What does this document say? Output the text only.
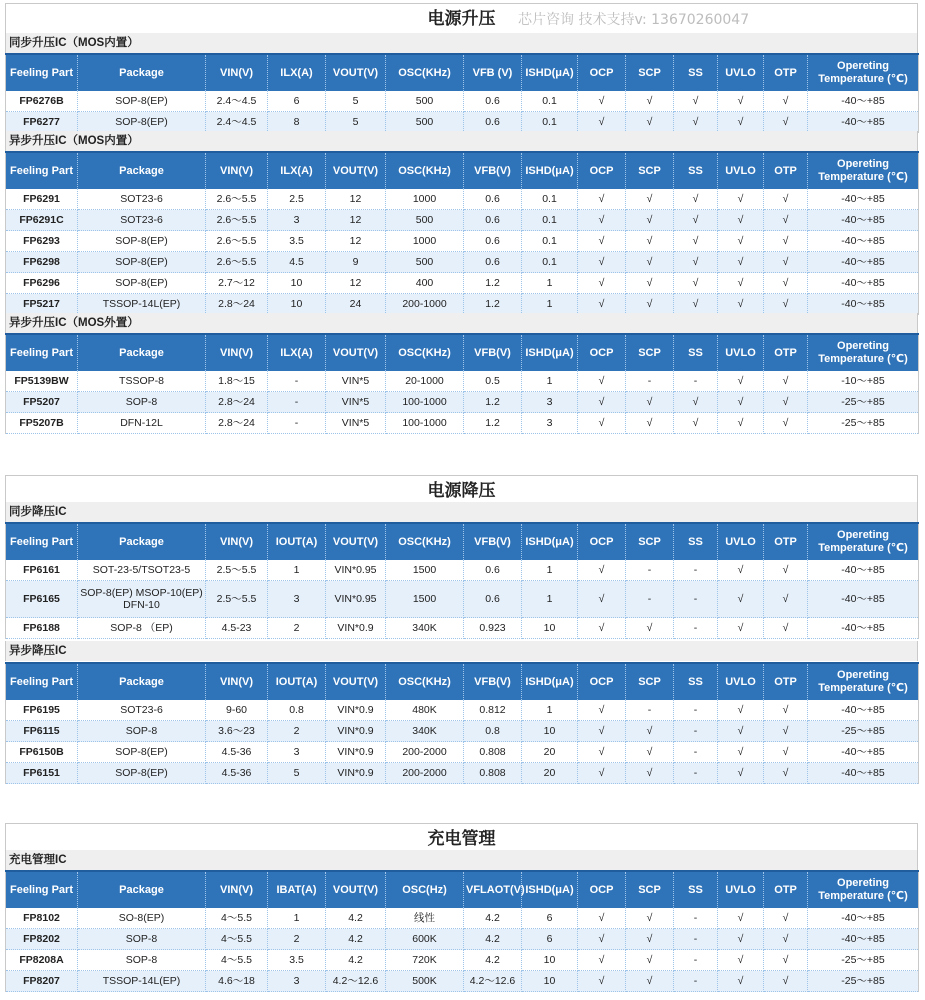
电源升压	芯片咨询 技术支持v: 13670260047
同步升压IC（MOS内置）
Feeling Part	Package	VIN(V)	ILX(A)	VOUT(V)	OSC(KHz)	VFB (V)	ISHD(μA)	OCP	SCP	SS	UVLO	OTP	Opereting Temperature (℃)
FP6276B	SOP-8(EP)	2.4～4.5	6	5	500	0.6	0.1	√	√	√	√	√	-40～+85
FP6277	SOP-8(EP)	2.4～4.5	8	5	500	0.6	0.1	√	√	√	√	√	-40～+85
异步升压IC（MOS内置）
Feeling Part	Package	VIN(V)	ILX(A)	VOUT(V)	OSC(KHz)	VFB(V)	ISHD(μA)	OCP	SCP	SS	UVLO	OTP	Opereting Temperature (℃)
FP6291	SOT23-6	2.6～5.5	2.5	12	1000	0.6	0.1	√	√	√	√	√	-40～+85
FP6291C	SOT23-6	2.6～5.5	3	12	500	0.6	0.1	√	√	√	√	√	-40～+85
FP6293	SOP-8(EP)	2.6～5.5	3.5	12	1000	0.6	0.1	√	√	√	√	√	-40～+85
FP6298	SOP-8(EP)	2.6～5.5	4.5	9	500	0.6	0.1	√	√	√	√	√	-40～+85
FP6296	SOP-8(EP)	2.7～12	10	12	400	1.2	1	√	√	√	√	√	-40～+85
FP5217	TSSOP-14L(EP)	2.8～24	10	24	200-1000	1.2	1	√	√	√	√	√	-40～+85
异步升压IC（MOS外置）
Feeling Part	Package	VIN(V)	ILX(A)	VOUT(V)	OSC(KHz)	VFB(V)	ISHD(μA)	OCP	SCP	SS	UVLO	OTP	Opereting Temperature (℃)
FP5139BW	TSSOP-8	1.8～15	-	VIN*5	20-1000	0.5	1	√	-	-	√	√	-10～+85
FP5207	SOP-8	2.8～24	-	VIN*5	100-1000	1.2	3	√	√	√	√	√	-25～+85
FP5207B	DFN-12L	2.8～24	-	VIN*5	100-1000	1.2	3	√	√	√	√	√	-25～+85
电源降压
同步降压IC
Feeling Part	Package	VIN(V)	IOUT(A)	VOUT(V)	OSC(KHz)	VFB(V)	ISHD(μA)	OCP	SCP	SS	UVLO	OTP	Opereting Temperature (℃)
FP6161	SOT-23-5/TSOT23-5	2.5～5.5	1	VIN*0.95	1500	0.6	1	√	-	-	√	√	-40～+85
FP6165	SOP-8(EP) MSOP-10(EP) DFN-10	2.5～5.5	3	VIN*0.95	1500	0.6	1	√	-	-	√	√	-40～+85
FP6188	SOP-8 （EP)	4.5-23	2	VIN*0.9	340K	0.923	10	√	√	-	√	√	-40～+85
异步降压IC
Feeling Part	Package	VIN(V)	IOUT(A)	VOUT(V)	OSC(KHz)	VFB(V)	ISHD(μA)	OCP	SCP	SS	UVLO	OTP	Opereting Temperature (℃)
FP6195	SOT23-6	9-60	0.8	VIN*0.9	480K	0.812	1	√	-	-	√	√	-40～+85
FP6115	SOP-8	3.6～23	2	VIN*0.9	340K	0.8	10	√	√	-	√	√	-25～+85
FP6150B	SOP-8(EP)	4.5-36	3	VIN*0.9	200-2000	0.808	20	√	√	-	√	√	-40～+85
FP6151	SOP-8(EP)	4.5-36	5	VIN*0.9	200-2000	0.808	20	√	√	-	√	√	-40～+85
充电管理
充电管理IC
Feeling Part	Package	VIN(V)	IBAT(A)	VOUT(V)	OSC(Hz)	VFLAOT(V)	ISHD(μA)	OCP	SCP	SS	UVLO	OTP	Opereting Temperature (℃)
FP8102	SO-8(EP)	4～5.5	1	4.2	线性	4.2	6	√	√	-	√	√	-40～+85
FP8202	SOP-8	4～5.5	2	4.2	600K	4.2	6	√	√	-	√	√	-40～+85
FP8208A	SOP-8	4～5.5	3.5	4.2	720K	4.2	10	√	√	-	√	√	-25～+85
FP8207	TSSOP-14L(EP)	4.6～18	3	4.2～12.6	500K	4.2～12.6	10	√	√	-	√	√	-25～+85
